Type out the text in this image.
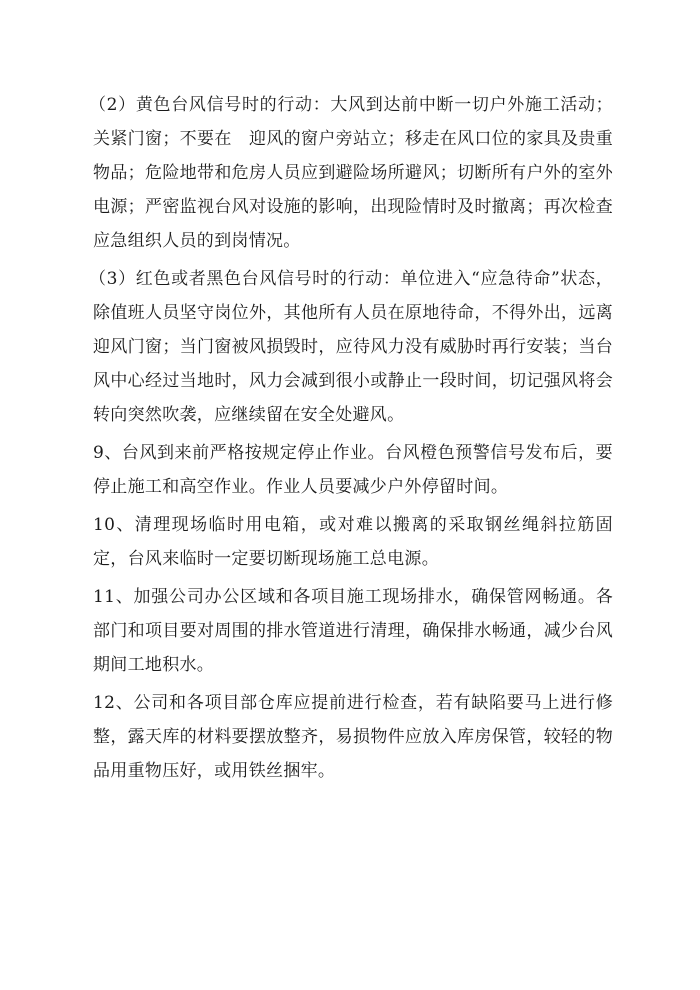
（2）黄色台风信号时的行动：大风到达前中断一切户外施工活动；关紧门窗；不要在　迎风的窗户旁站立；移走在风口位的家具及贵重物品；危险地带和危房人员应到避险场所避风；切断所有户外的室外电源；严密监视台风对设施的影响，出现险情时及时撤离；再次检查应急组织人员的到岗情况。

（3）红色或者黑色台风信号时的行动：单位进入“应急待命”状态，除值班人员坚守岗位外，其他所有人员在原地待命，不得外出，远离迎风门窗；当门窗被风损毁时，应待风力没有威胁时再行安装；当台风中心经过当地时，风力会减到很小或静止一段时间，切记强风将会转向突然吹袭，应继续留在安全处避风。

9、台风到来前严格按规定停止作业。台风橙色预警信号发布后，要停止施工和高空作业。作业人员要减少户外停留时间。

10、清理现场临时用电箱，或对难以搬离的采取钢丝绳斜拉筋固定，台风来临时一定要切断现场施工总电源。

11、加强公司办公区域和各项目施工现场排水，确保管网畅通。各部门和项目要对周围的排水管道进行清理，确保排水畅通，减少台风期间工地积水。

12、公司和各项目部仓库应提前进行检查，若有缺陷要马上进行修整，露天库的材料要摆放整齐，易损物件应放入库房保管，较轻的物品用重物压好，或用铁丝捆牢。
